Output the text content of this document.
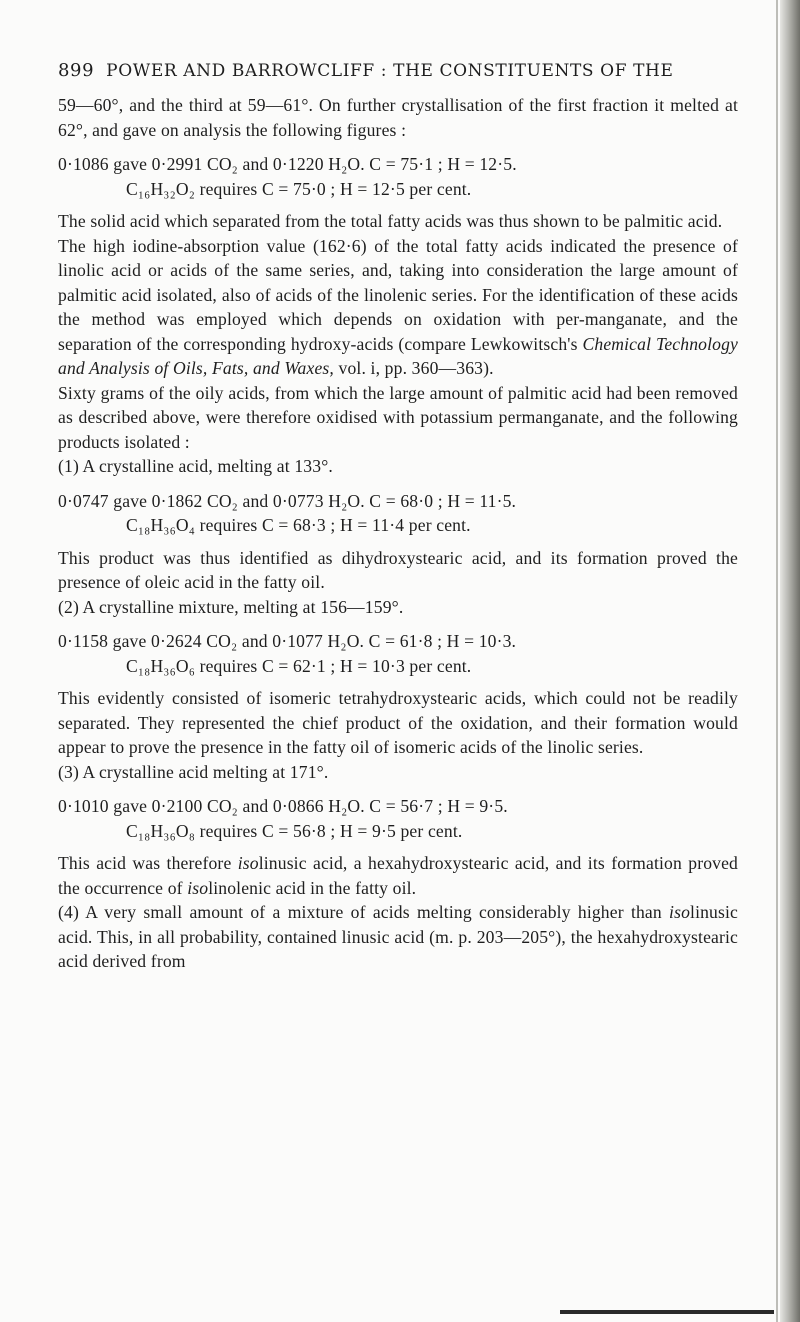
899 POWER AND BARROWCLIFF : THE CONSTITUENTS OF THE

59—60°, and the third at 59—61°. On further crystallisation of the first fraction it melted at 62°, and gave on analysis the following figures :

0·1086 gave 0·2991 CO₂ and 0·1220 H₂O. C = 75·1 ; H = 12·5.

C₁₆H₃₂O₂ requires C = 75·0 ; H = 12·5 per cent.

The solid acid which separated from the total fatty acids was thus shown to be palmitic acid.

The high iodine-absorption value (162·6) of the total fatty acids indicated the presence of linolic acid or acids of the same series, and, taking into consideration the large amount of palmitic acid isolated, also of acids of the linolenic series. For the identification of these acids the method was employed which depends on oxidation with per-manganate, and the separation of the corresponding hydroxy-acids (compare Lewkowitsch's Chemical Technology and Analysis of Oils, Fats, and Waxes, vol. i, pp. 360—363).

Sixty grams of the oily acids, from which the large amount of palmitic acid had been removed as described above, were therefore oxidised with potassium permanganate, and the following products isolated :

(1) A crystalline acid, melting at 133°.

0·0747 gave 0·1862 CO₂ and 0·0773 H₂O. C = 68·0 ; H = 11·5.

C₁₈H₃₆O₄ requires C = 68·3 ; H = 11·4 per cent.

This product was thus identified as dihydroxystearic acid, and its formation proved the presence of oleic acid in the fatty oil.

(2) A crystalline mixture, melting at 156—159°.

0·1158 gave 0·2624 CO₂ and 0·1077 H₂O. C = 61·8 ; H = 10·3.

C₁₈H₃₆O₆ requires C = 62·1 ; H = 10·3 per cent.

This evidently consisted of isomeric tetrahydroxystearic acids, which could not be readily separated. They represented the chief product of the oxidation, and their formation would appear to prove the presence in the fatty oil of isomeric acids of the linolic series.

(3) A crystalline acid melting at 171°.

0·1010 gave 0·2100 CO₂ and 0·0866 H₂O. C = 56·7 ; H = 9·5.

C₁₈H₃₆O₈ requires C = 56·8 ; H = 9·5 per cent.

This acid was therefore isolinusic acid, a hexahydroxystearic acid, and its formation proved the occurrence of isolinolenic acid in the fatty oil.

(4) A very small amount of a mixture of acids melting considerably higher than isolinusic acid. This, in all probability, contained linusic acid (m. p. 203—205°), the hexahydroxystearic acid derived from
